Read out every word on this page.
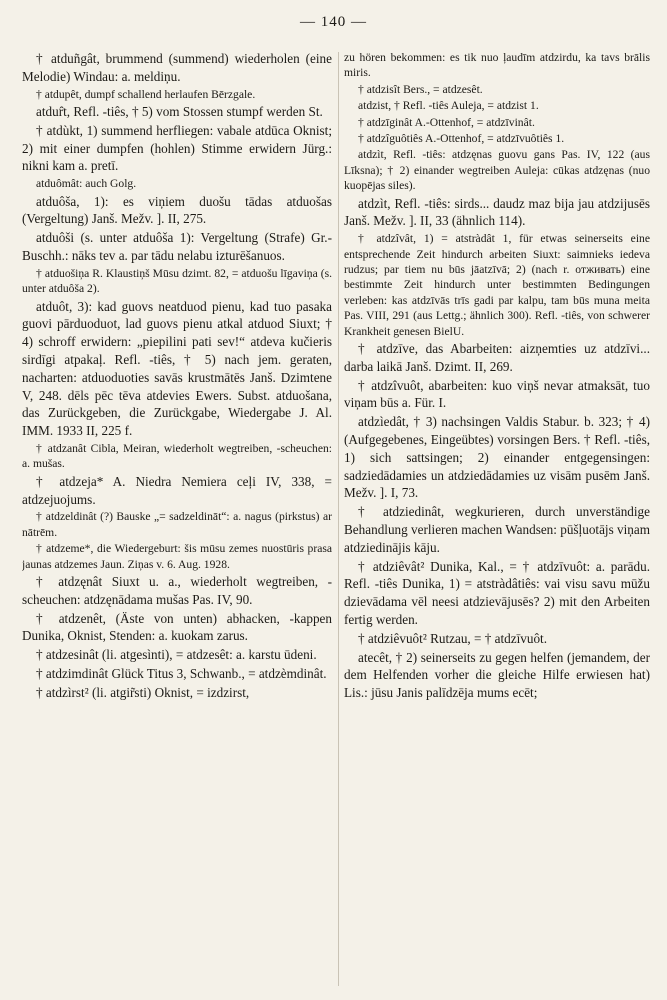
— 140 —

† atduñgât, brummend (summend) wiederholen (eine Melodie) Windau: a. meldiņu.

† atdupêt, dumpf schallend herlaufen Bērzgale.

atdur̂t, Refl. -tiês, † 5) vom Stossen stumpf werden St.

† atdùkt, 1) summend herfliegen: vabale atdūca Oknist; 2) mit einer dumpfen (hohlen) Stimme erwidern Jürg.: nikni kam a. pretī.

atduômât: auch Golg.

atduôša, 1): es viņiem duošu tādas atduošas (Vergeltung) Janš. Mežv. ]. II, 275.

atduôši (s. unter atduôša 1): Vergeltung (Strafe) Gr.-Buschh.: nāks tev a. par tādu nelabu izturēšanuos.

† atduošiņa R. Klaustiņš Mūsu dzimt. 82, = atduošu līgaviņa (s. unter atduôša 2).

atduôt, 3): kad guovs neatduod pienu, kad tuo pasaka guovi pārduoduot, lad guovs pienu atkal atduod Siuxt; † 4) schroff erwidern: „piepilini pati sev!“ atdeva kučieris sirdīgi atpakaļ. Refl. -tiês, † 5) nach jem. geraten, nacharten: atduoduoties savās krustmātēs Janš. Dzimtene V, 248. dēls pēc tēva atdevies Ewers. Subst. atduošana, das Zurückgeben, die Zurückgabe, Wiedergabe J. Al. IMM. 1933 II, 225 f.

† atdzanât Cibla, Meiran, wiederholt wegtreiben, -scheuchen: a. mušas.

† atdzeja* A. Niedra Nemiera ceļi IV, 338, = atdzejuojums.

† atdzeldinât (?) Bauske „= sadzeldināt“: a. nagus (pirkstus) ar nātrēm.

† atdzeme*, die Wiedergeburt: šis mūsu zemes nuostūris prasa jaunas atdzemes Jaun. Ziņas v. 6. Aug. 1928.

† atdzęnât Siuxt u. a., wiederholt wegtreiben, -scheuchen: atdzęnādama mušas Pas. IV, 90.

† atdzenêt, (Äste von unten) abhacken, -kappen Dunika, Oknist, Stenden: a. kuokam zarus.

† atdzesinât (li. atgesìnti), = atdzesêt: a. karstu ūdeni.

† atdzimdinât Glück Titus 3, Schwanb., = atdzèmdinât.

† atdzìrst² (li. atgir̃sti) Oknist, = izdzirst,

zu hören bekommen: es tik nuo ļaudīm atdzirdu, ka tavs brālis miris.

† atdzisît Bers., = atdzesêt.

atdzist, † Refl. -tiês Auleja, = atdzist 1.

† atdzīginât A.-Ottenhof, = atdzīvinât.

† atdzîguôtiês A.-Ottenhof, = atdzīvuôtiês 1.

atdzìt, Refl. -tiês: atdzęnas guovu gans Pas. IV, 122 (aus Līksna); † 2) einander wegtreiben Auleja: cūkas atdzęnas (nuo kuopējas siles).

atdzìt, Refl. -tiês: sirds... daudz maz bija jau atdzijusēs Janš. Mežv. ]. II, 33 (ähnlich 114).

† atdzîvât, 1) = atstràdât 1, für etwas seinerseits eine entsprechende Zeit hindurch arbeiten Siuxt: saimnieks iedeva rudzus; par tiem nu būs jāatzīvā; 2) (nach r. отживать) eine bestimmte Zeit hindurch unter bestimmten Bedingungen verleben: kas atdzīvās trīs gadi par kalpu, tam būs muna meita Pas. VIII, 291 (aus Lettg.; ähnlich 300). Refl. -tiês, von schwerer Krankheit genesen BielU.

† atdzīve, das Abarbeiten: aizņemties uz atdzīvi... darba laikā Janš. Dzimt. II, 269.

† atdzîvuôt, abarbeiten: kuo viņš nevar atmaksāt, tuo viņam būs a. Für. I.

atdzìedât, † 3) nachsingen Valdis Stabur. b. 323; † 4) (Aufgegebenes, Eingeübtes) vorsingen Bers. † Refl. -tiês, 1) sich sattsingen; 2) einander entgegensingen: sadziedādamies un atdziedādamies uz visām pusēm Janš. Mežv. ]. I, 73.

† atdziedinât, wegkurieren, durch unverständige Behandlung verlieren machen Wandsen: pūšļuotājs viņam atdziedinājis kāju.

† atdziêvât² Dunika, Kal., = † atdzīvuôt: a. parādu. Refl. -tiês Dunika, 1) = atstràdâtiês: vai visu savu mūžu dzievādama vēl neesi atdzievājusēs? 2) mit den Arbeiten fertig werden.

† atdziêvuôt² Rutzau, = † atdzīvuôt.

atecêt, † 2) seinerseits zu gegen helfen (jemandem, der dem Helfenden vorher die gleiche Hilfe erwiesen hat) Lis.: jūsu Janis palīdzēja mums ecēt;
